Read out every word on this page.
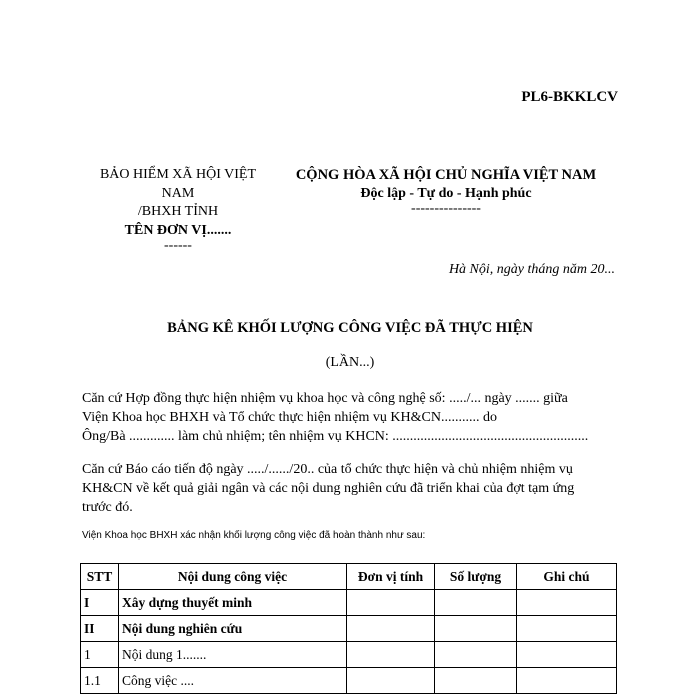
PL6-BKKLCV
BẢO HIỂM XÃ HỘI VIỆT
NAM
/BHXH TỈNH
TÊN ĐƠN VỊ.......
------
CỘNG HÒA XÃ HỘI CHỦ NGHĨA VIỆT NAM
Độc lập - Tự do - Hạnh phúc
---------------
Hà Nội, ngày tháng năm 20...
BẢNG KÊ KHỐI LƯỢNG CÔNG VIỆC ĐÃ THỰC HIỆN
(LẦN...)
Căn cứ Hợp đồng thực hiện nhiệm vụ khoa học và công nghệ số: ...../... ngày ....... giữa
Viện Khoa học BHXH và Tổ chức thực hiện nhiệm vụ KH&CN........... do
Ông/Bà ............. làm chủ nhiệm; tên nhiệm vụ KHCN: ........................................................
Căn cứ Báo cáo tiến độ ngày ...../....../20.. của tổ chức thực hiện và chủ nhiệm nhiệm vụ
KH&CN về kết quả giải ngân và các nội dung nghiên cứu đã triển khai của đợt tạm ứng
trước đó.
Viện Khoa học BHXH xác nhận khối lượng công việc đã hoàn thành như sau:
STT	Nội dung công việc	Đơn vị tính	Số lượng	Ghi chú
I	Xây dựng thuyết minh			
II	Nội dung nghiên cứu			
1	Nội dung 1.......			
1.1	Công việc ....			
